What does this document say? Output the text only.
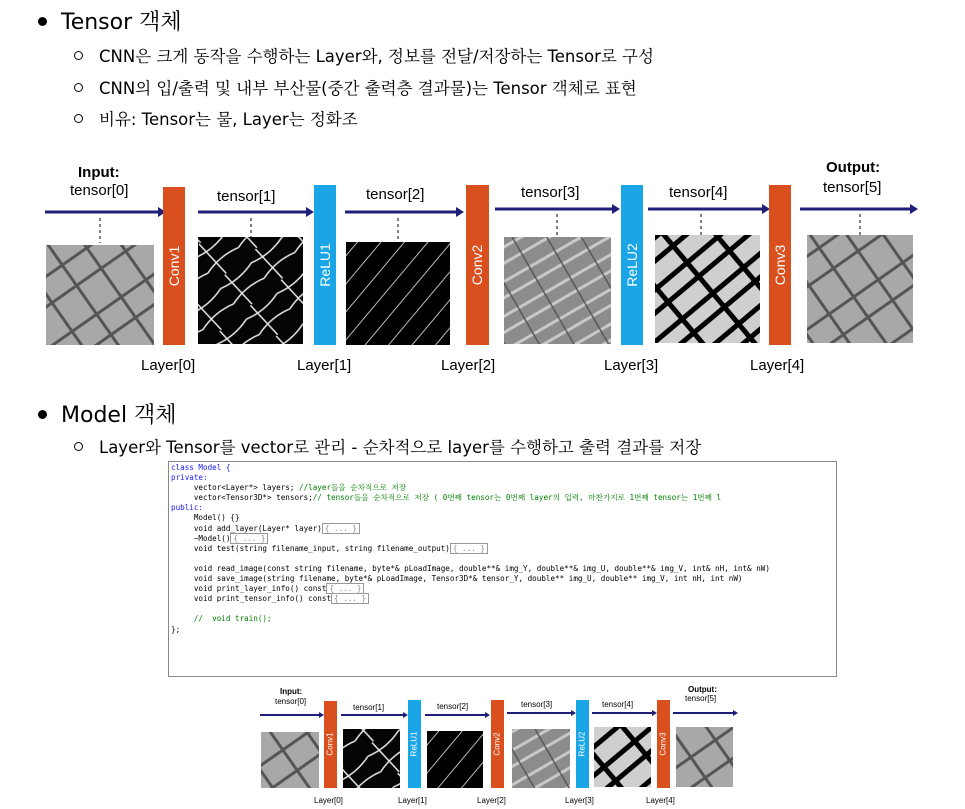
Tensor 객체
CNN은 크게 동작을 수행하는 Layer와, 정보를 전달/저장하는 Tensor로 구성
CNN의 입/출력 및 내부 부산물(중간 출력층 결과물)는 Tensor 객체로 표현
비유: Tensor는 물, Layer는 정화조
Conv1	ReLU1	Conv2	ReLU2	Conv3
Input:
tensor[0]	tensor[1]	tensor[2]	tensor[3]	tensor[4]
Output:
tensor[5]
Layer[0]	Layer[1]	Layer[2]	Layer[3]	Layer[4]
Model 객체
Layer와 Tensor를 vector로 관리 - 순차적으로 layer를 수행하고 출력 결과를 저장
class Model {
private:
vector<Layer*> layers; //layer들을 순차적으로 저장
vector<Tensor3D*> tensors;// tensor들을 순차적으로 저장 ( 0번째 tensor는 0번째 layer의 입력, 마찬가지로 1번째 tensor는 1번째 l
public:
Model() {}
void add_layer(Layer* layer) { ... }
~Model() { ... }
void test(string filename_input, string filename_output) { ... }

void read_image(const string filename, byte*& pLoadImage, double**& img_Y, double**& img_U, double**& img_V, int& nH, int& nW)
void save_image(string filename, byte*& pLoadImage, Tensor3D*& tensor_Y, double** img_U, double** img_V, int nH, int nW)
void print_layer_info() const { ... }
void print_tensor_info() const { ... }

//  void train();
};
Conv1	ReLU1	Conv2	ReLU2	Conv3
Input:
tensor[0]
tensor[1]	tensor[2]	tensor[3]	tensor[4]
Output:
tensor[5]
Layer[0]	Layer[1]	Layer[2]	Layer[3]	Layer[4]
